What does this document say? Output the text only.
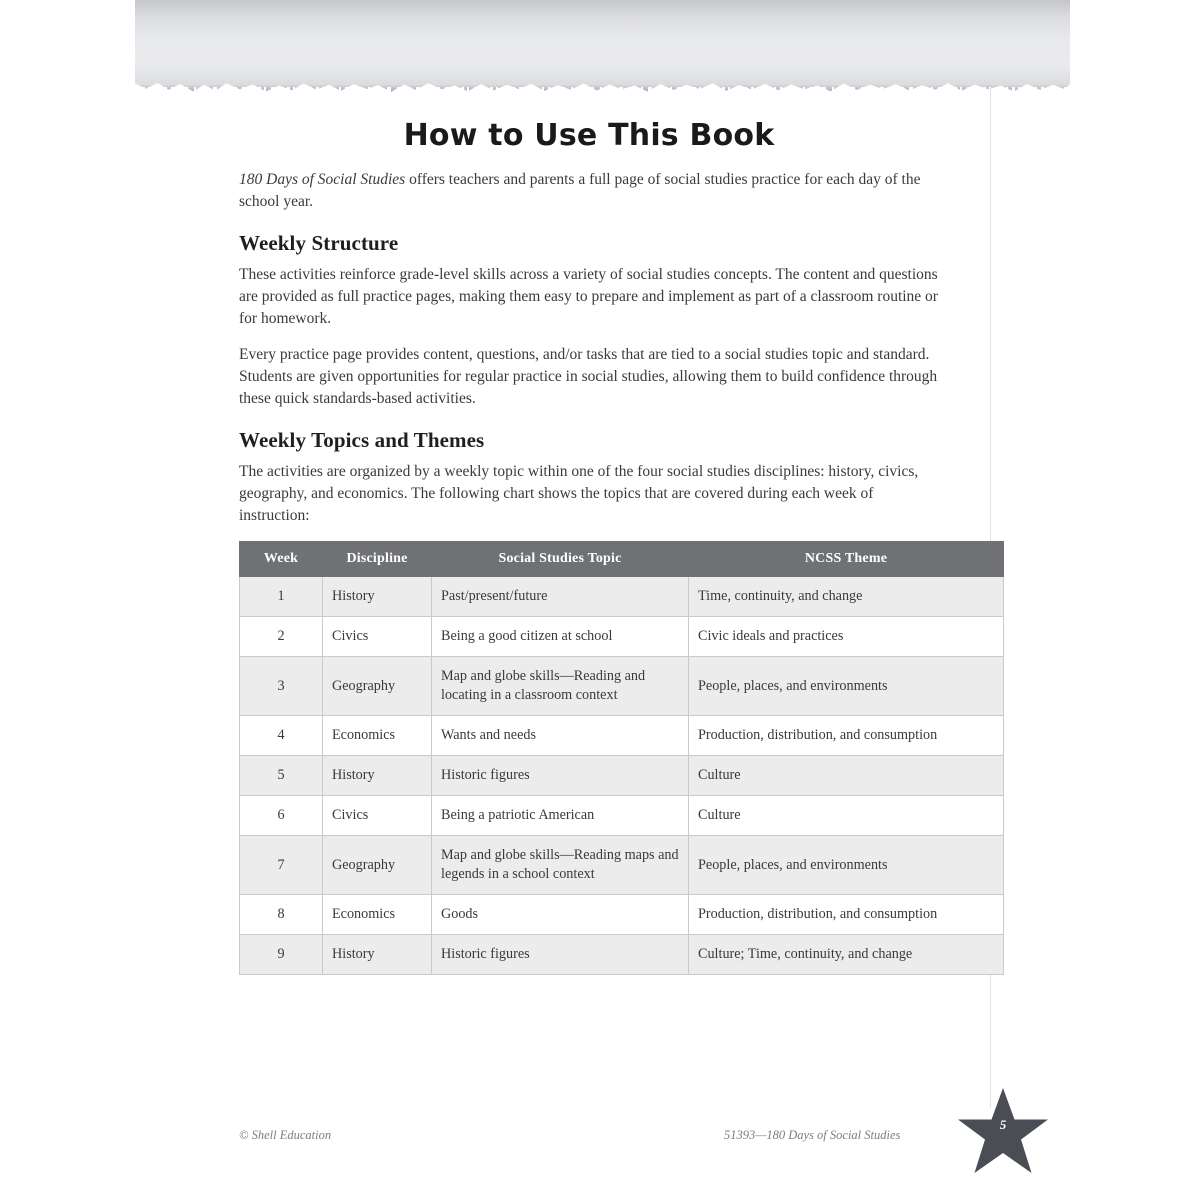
How to Use This Book

180 Days of Social Studies offers teachers and parents a full page of social studies practice for each day of the school year.

Weekly Structure

These activities reinforce grade-level skills across a variety of social studies concepts. The content and questions are provided as full practice pages, making them easy to prepare and implement as part of a classroom routine or for homework.

Every practice page provides content, questions, and/or tasks that are tied to a social studies topic and standard. Students are given opportunities for regular practice in social studies, allowing them to build confidence through these quick standards-based activities.

Weekly Topics and Themes

The activities are organized by a weekly topic within one of the four social studies disciplines: history, civics, geography, and economics. The following chart shows the topics that are covered during each week of instruction:

Week	Discipline	Social Studies Topic	NCSS Theme
1	History	Past/present/future	Time, continuity, and change
2	Civics	Being a good citizen at school	Civic ideals and practices
3	Geography	Map and globe skills—Reading and locating in a classroom context	People, places, and environments
4	Economics	Wants and needs	Production, distribution, and consumption
5	History	Historic figures	Culture
6	Civics	Being a patriotic American	Culture
7	Geography	Map and globe skills—Reading maps and legends in a school context	People, places, and environments
8	Economics	Goods	Production, distribution, and consumption
9	History	Historic figures	Culture; Time, continuity, and change
© Shell Education	51393—180 Days of Social Studies
5
